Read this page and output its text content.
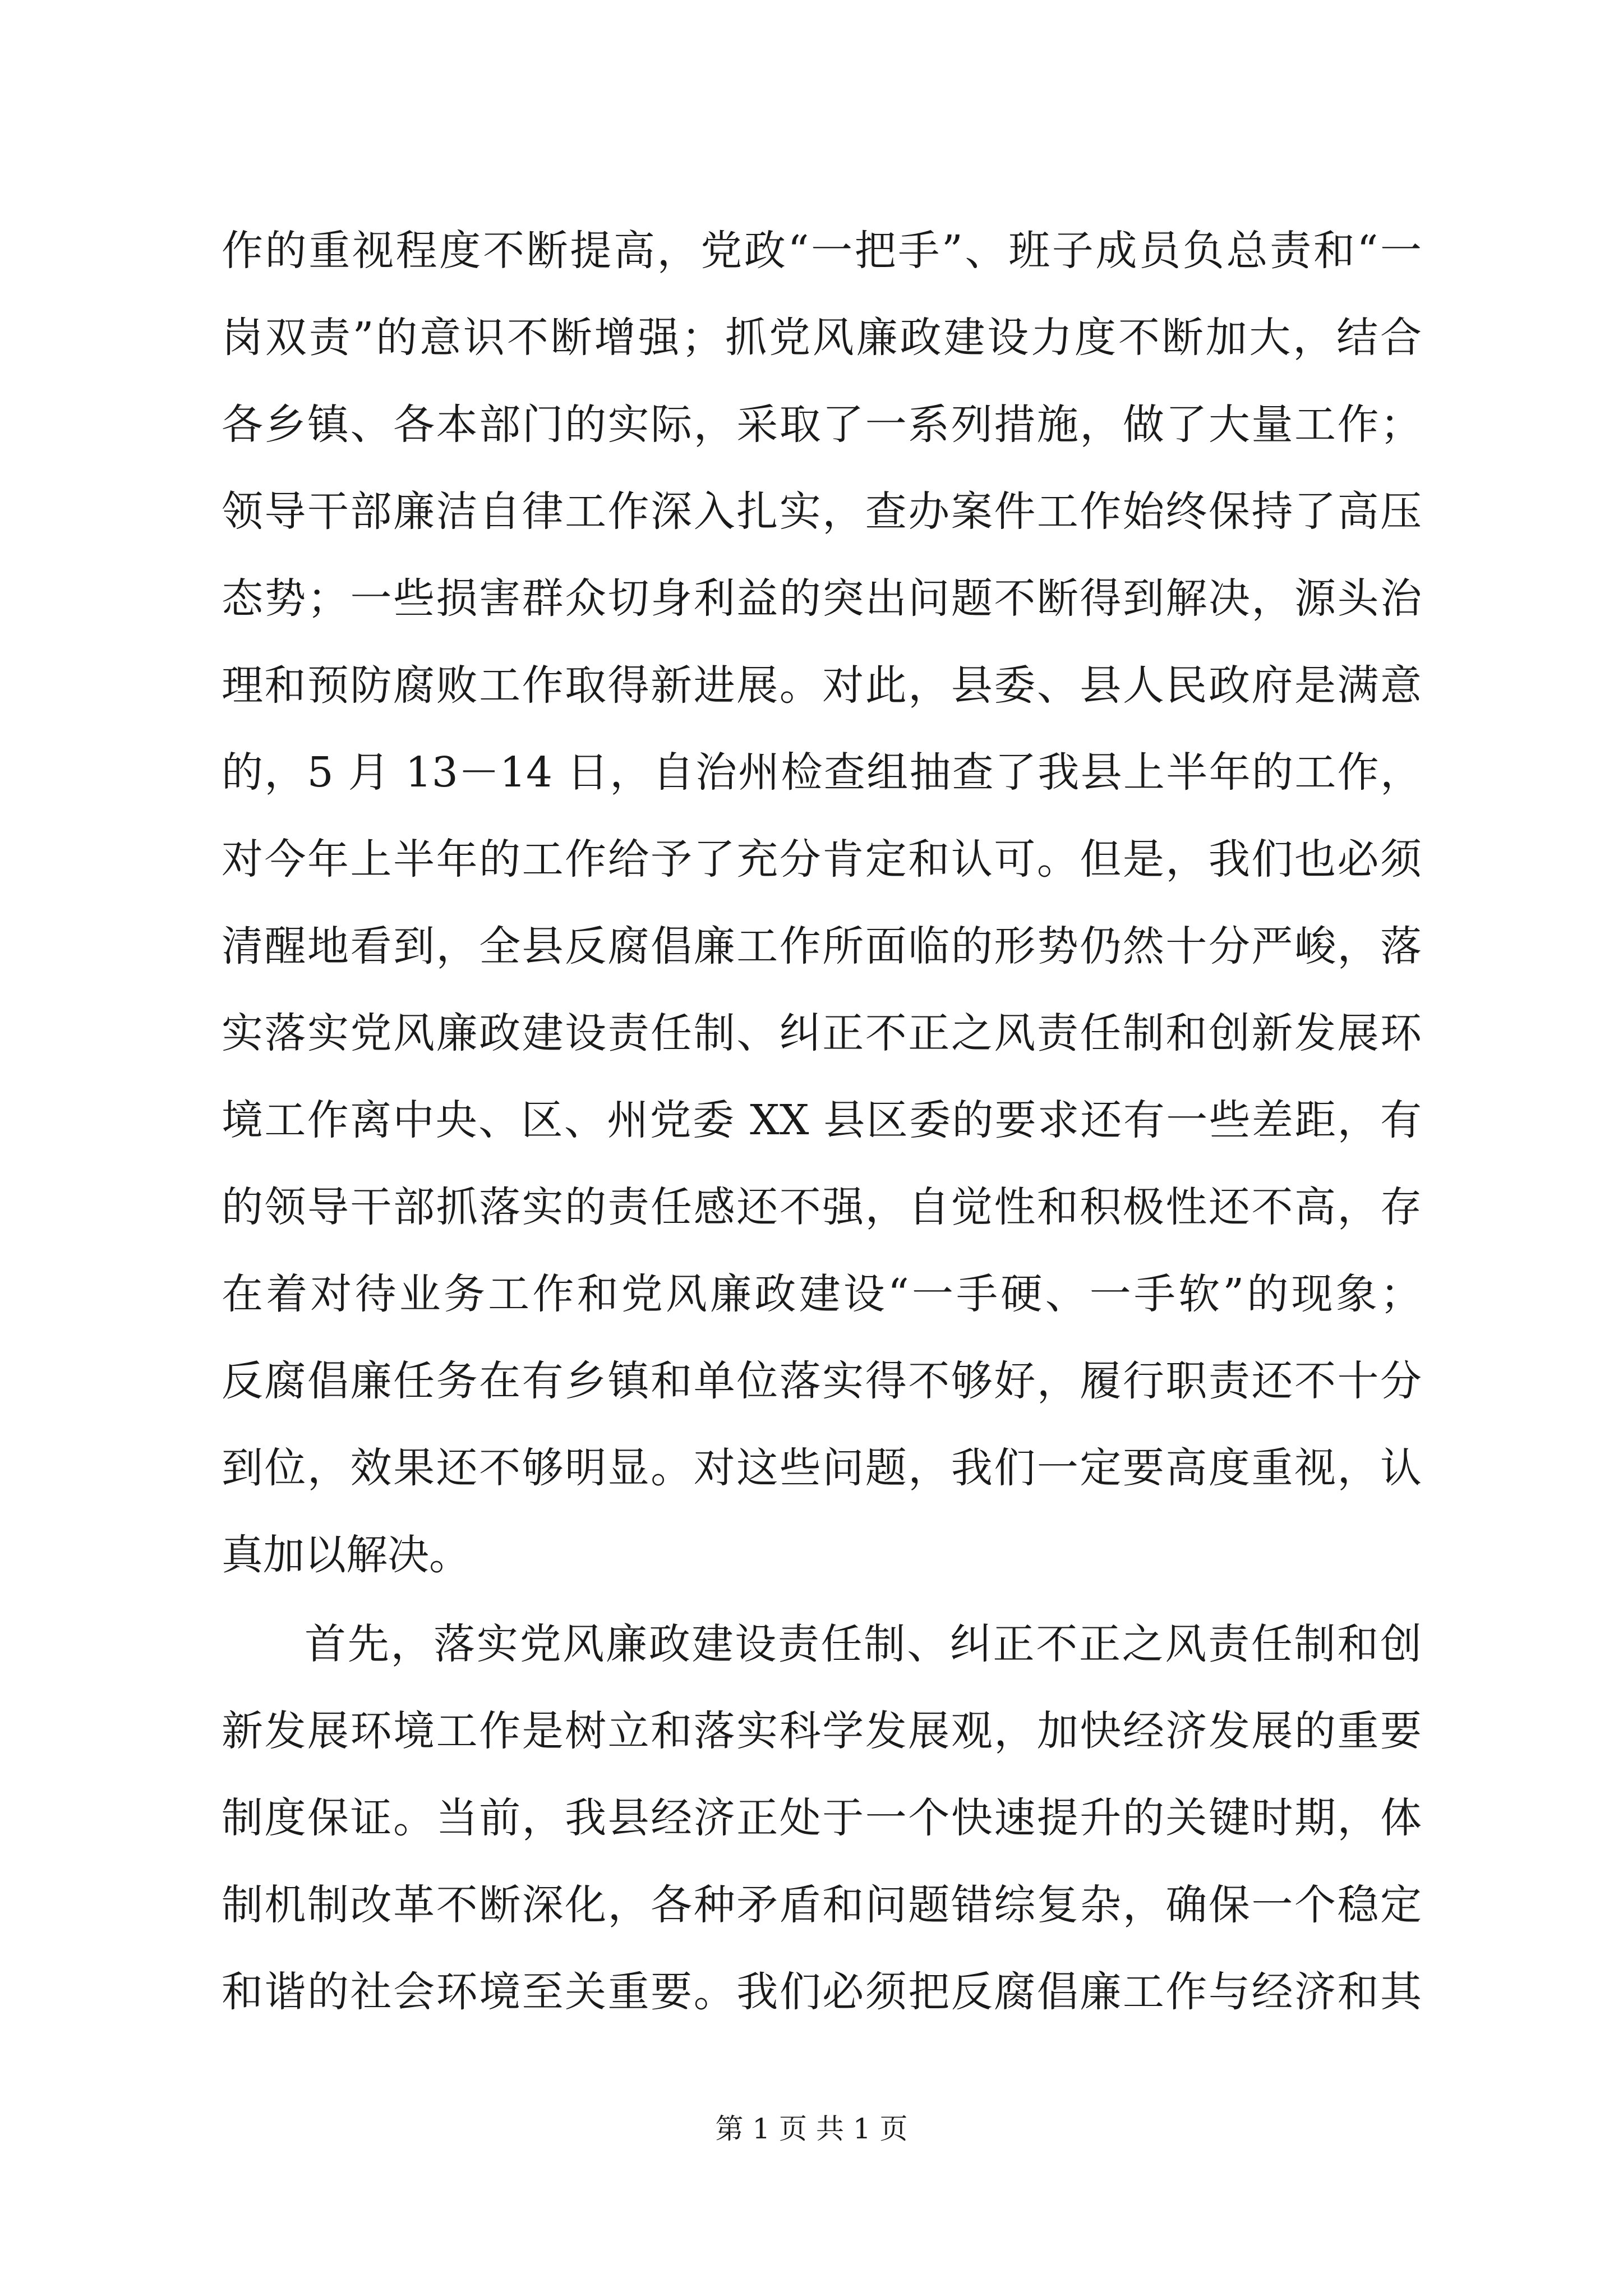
作的重视程度不断提高，党政“一把手”、班子成员负总责和“一
岗双责”的意识不断增强；抓党风廉政建设力度不断加大，结合
各乡镇、各本部门的实际，采取了一系列措施，做了大量工作；
领导干部廉洁自律工作深入扎实，查办案件工作始终保持了高压
态势；一些损害群众切身利益的突出问题不断得到解决，源头治
理和预防腐败工作取得新进展。对此，县委、县人民政府是满意
的，5 月 13－14 日，自治州检查组抽查了我县上半年的工作，
对今年上半年的工作给予了充分肯定和认可。但是，我们也必须
清醒地看到，全县反腐倡廉工作所面临的形势仍然十分严峻，落
实落实党风廉政建设责任制、纠正不正之风责任制和创新发展环
境工作离中央、区、州党委 XX 县区委的要求还有一些差距，有
的领导干部抓落实的责任感还不强，自觉性和积极性还不高，存
在着对待业务工作和党风廉政建设“一手硬、一手软”的现象；
反腐倡廉任务在有乡镇和单位落实得不够好，履行职责还不十分
到位，效果还不够明显。对这些问题，我们一定要高度重视，认
真加以解决。
首先，落实党风廉政建设责任制、纠正不正之风责任制和创
新发展环境工作是树立和落实科学发展观，加快经济发展的重要
制度保证。当前，我县经济正处于一个快速提升的关键时期，体
制机制改革不断深化，各种矛盾和问题错综复杂，确保一个稳定
和谐的社会环境至关重要。我们必须把反腐倡廉工作与经济和其
第 1 页 共 1 页
